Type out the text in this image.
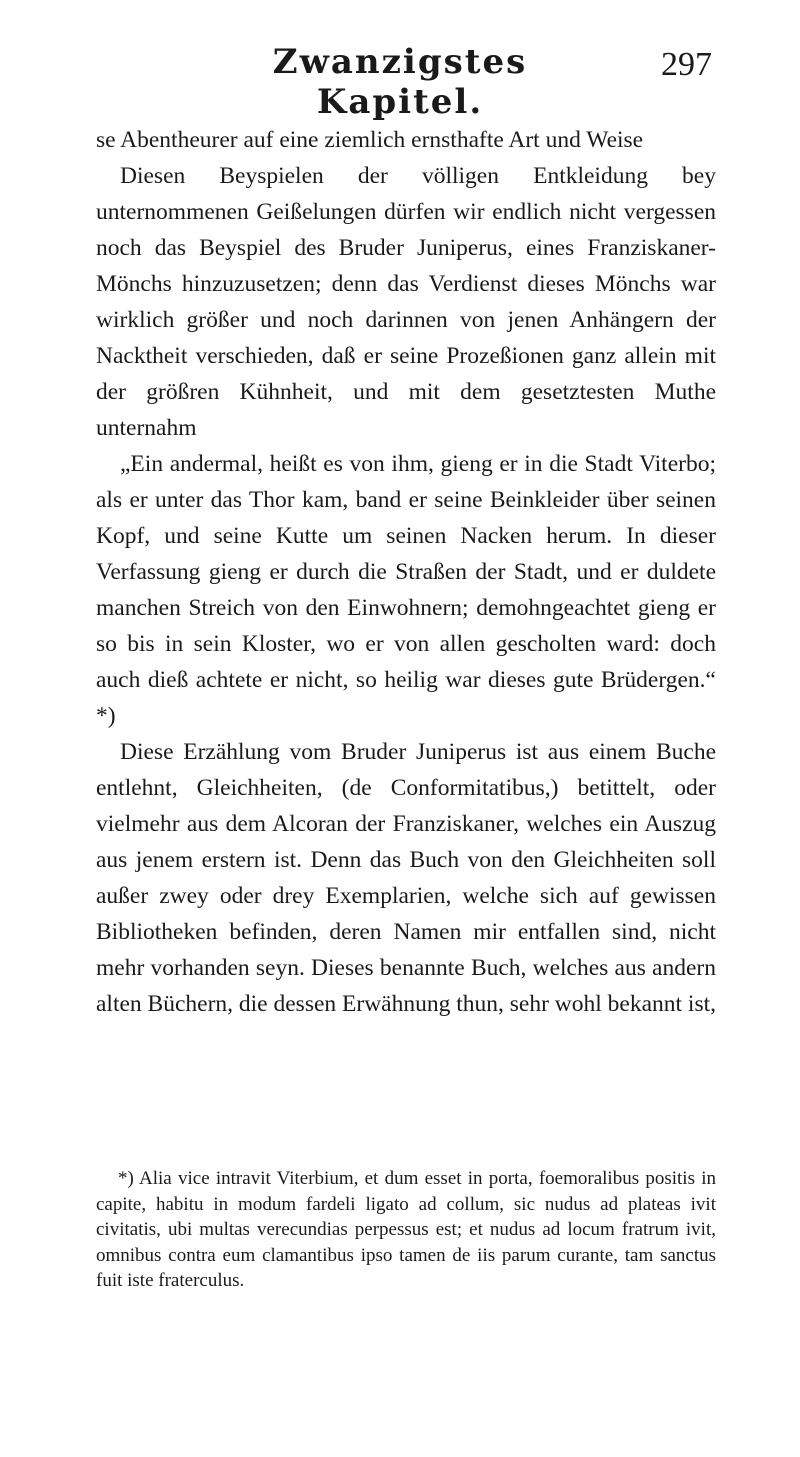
Zwanzigstes Kapitel.
297

se Abentheurer auf eine ziemlich ernsthafte Art und Weise

Diesen Beyspielen der völligen Entkleidung bey unternommenen Geißelungen dürfen wir endlich nicht vergessen noch das Beyspiel des Bruder Juniperus, eines Franziskaner-Mönchs hinzuzusetzen; denn das Verdienst dieses Mönchs war wirklich größer und noch darinnen von jenen Anhängern der Nacktheit verschieden, daß er seine Prozeßionen ganz allein mit der größren Kühnheit, und mit dem gesetztesten Muthe unternahm

„Ein andermal, heißt es von ihm, gieng er in die Stadt Viterbo; als er unter das Thor kam, band er seine Beinkleider über seinen Kopf, und seine Kutte um seinen Nacken herum. In dieser Verfassung gieng er durch die Straßen der Stadt, und er duldete manchen Streich von den Einwohnern; demohngeachtet gieng er so bis in sein Kloster, wo er von allen gescholten ward: doch auch dieß achtete er nicht, so heilig war dieses gute Brüdergen.“ *)

Diese Erzählung vom Bruder Juniperus ist aus einem Buche entlehnt, Gleichheiten, (de Conformitatibus,) betittelt, oder vielmehr aus dem Alcoran der Franziskaner, welches ein Auszug aus jenem erstern ist. Denn das Buch von den Gleichheiten soll außer zwey oder drey Exemplarien, welche sich auf gewissen Bibliotheken befinden, deren Namen mir entfallen sind, nicht mehr vorhanden seyn. Dieses benannte Buch, welches aus andern alten Büchern, die dessen Erwähnung thun, sehr wohl bekannt ist,

*) Alia vice intravit Viterbium, et dum esset in porta, foemoralibus positis in capite, habitu in modum fardeli ligato ad collum, sic nudus ad plateas ivit civitatis, ubi multas verecundias perpessus est; et nudus ad locum fratrum ivit, omnibus contra eum clamantibus ipso tamen de iis parum curante, tam sanctus fuit iste fraterculus.
